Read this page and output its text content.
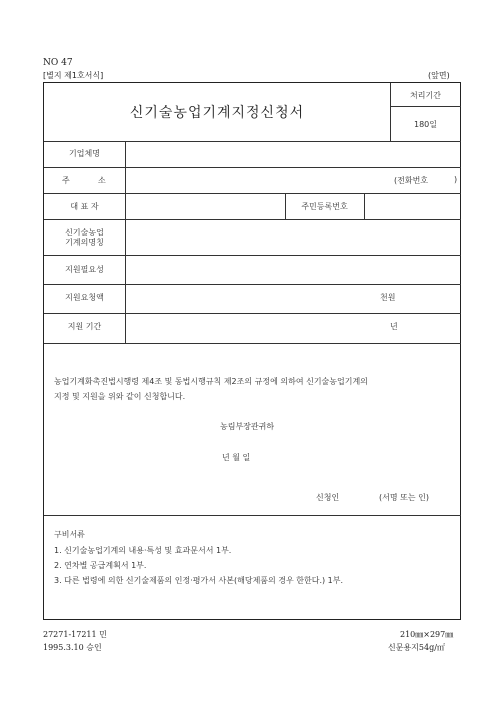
NO 47
[별지 제1호서식]	(앞면)
신기술농업기계지정신청서
처리기간
180일
기업체명
주	소	(전화번호	)
대 표 자	주민등록번호
신기술농업
기계의명칭
지원필요성
지원요청액	천원
지원 기간	년
농업기계화촉진법시행령 제4조 및 동법시행규칙 제2조의 규정에 의하여 신기술농업기계의
지정 및 지원을 위와 같이 신청합니다.
농림부장관귀하
년 월 일
신청인	(서명 또는 인)
구비서류
1. 신기술농업기계의 내용·특성 및 효과문서서 1부.
2. 연차별 공급계획서 1부.
3. 다른 법령에 의한 신기술제품의 인정·평가서 사본(해당제품의 경우 한한다.) 1부.
27271-17211 민
1995.3.10 승인
210㎜×297㎜
신문용지54g/㎡
